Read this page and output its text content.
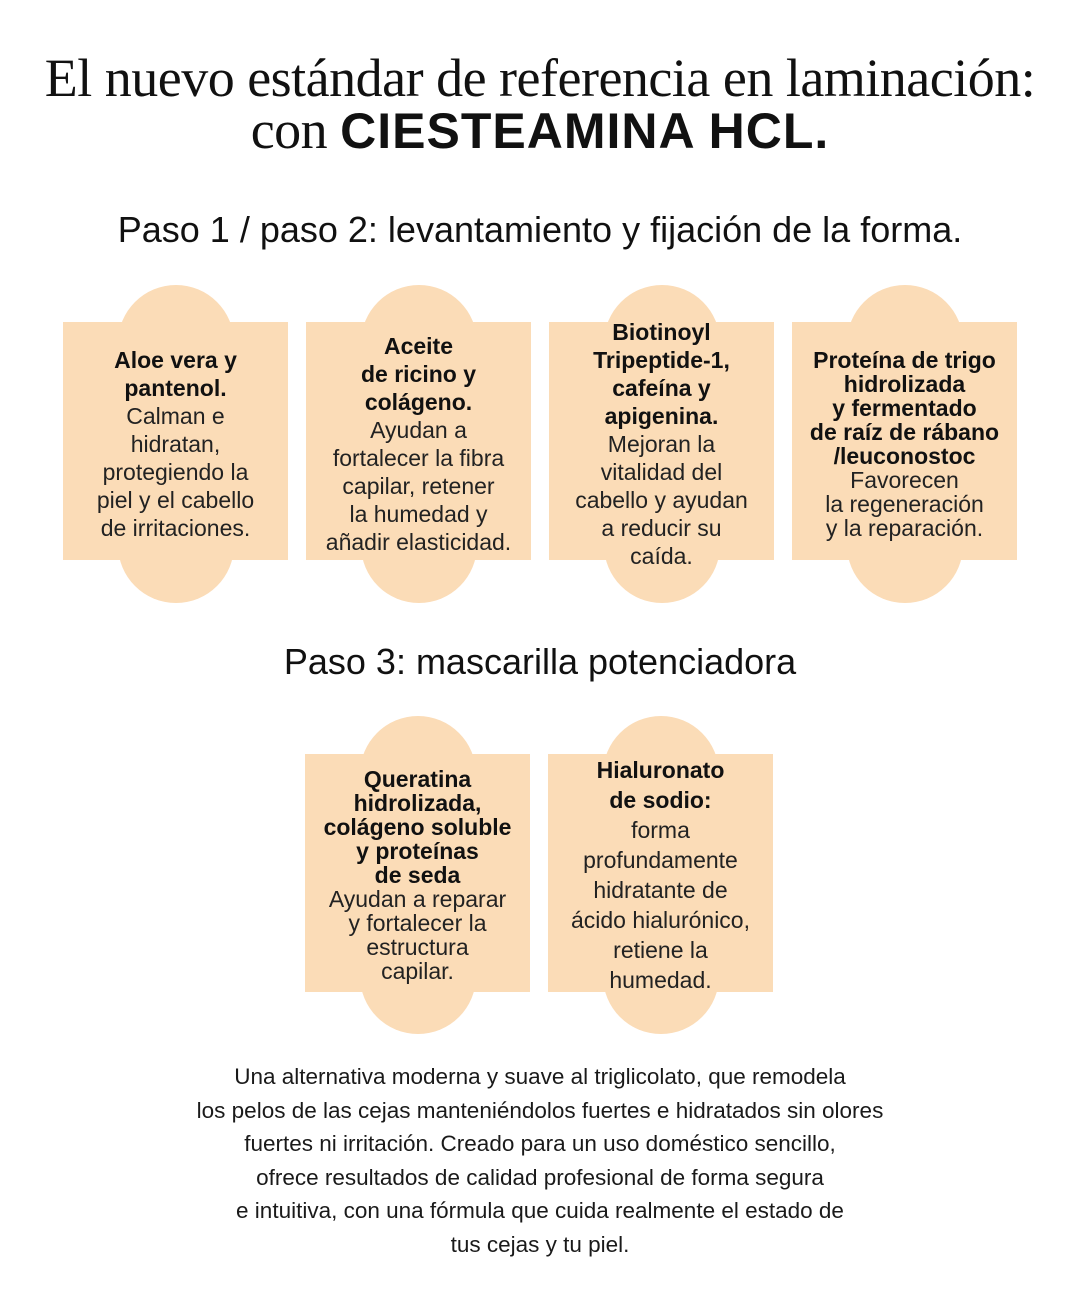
El nuevo estándar de referencia en laminación:
con CIESTEAMINA HCL.
Paso 1 / paso 2: levantamiento y fijación de la forma.
Aloe vera y
pantenol.
Calman e
hidratan,
protegiendo la
piel y el cabello
de irritaciones.
Aceite
de ricino y
colágeno.
Ayudan a
fortalecer la fibra
capilar, retener
la humedad y
añadir elasticidad.
Biotinoyl
Tripeptide-1,
cafeína y
apigenina.
Mejoran la
vitalidad del
cabello y ayudan
a reducir su
caída.
Proteína de trigo
hidrolizada
y fermentado
de raíz de rábano
/leuconostoc
Favorecen
la regeneración
y la reparación.
Paso 3: mascarilla potenciadora
Queratina
hidrolizada,
colágeno soluble
y proteínas
de seda
Ayudan a reparar
y fortalecer la
estructura
capilar.
Hialuronato
de sodio:
forma
profundamente
hidratante de
ácido hialurónico,
retiene la
humedad.

Una alternativa moderna y suave al triglicolato, que remodela
los pelos de las cejas manteniéndolos fuertes e hidratados sin olores
fuertes ni irritación. Creado para un uso doméstico sencillo,
ofrece resultados de calidad profesional de forma segura
e intuitiva, con una fórmula que cuida realmente el estado de
tus cejas y tu piel.
